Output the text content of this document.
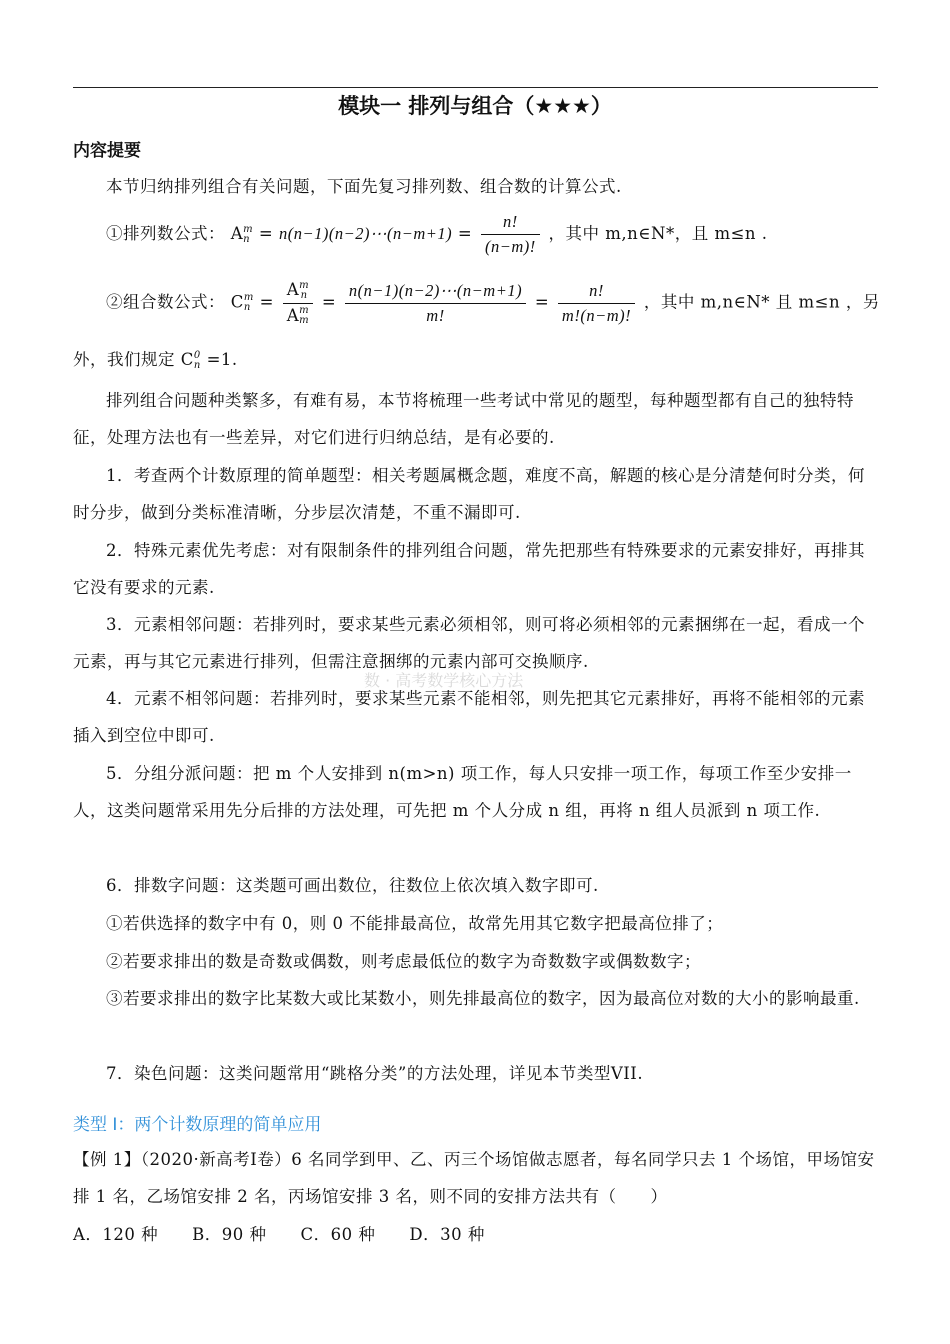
模块一 排列与组合（★★★）
内容提要
本节归纳排列组合有关问题，下面先复习排列数、组合数的计算公式.
①排列数公式： A m
n = n(n−1)(n−2)⋯(n−m+1) = $\frac{n!}{(n-m)!}$ ，其中 m,n∈N*，且 m≤n .
②组合数公式： C m
n = A m
n
A m
$m = \frac{n(n-1)(n-2)\cdots(n-m+1)}{m!} = \frac{n!}{m!(n-m)!}$ ，其中 m,n∈N* 且 m≤n ，另
外，我们规定 C 0
n =1.
排列组合问题种类繁多，有难有易，本节将梳理一些考试中常见的题型，每种题型都有自己的独特特征，处理方法也有一些差异，对它们进行归纳总结，是有必要的.
1．考查两个计数原理的简单题型：相关考题属概念题，难度不高，解题的核心是分清楚何时分类，何时分步，做到分类标准清晰，分步层次清楚，不重不漏即可.
2．特殊元素优先考虑：对有限制条件的排列组合问题，常先把那些有特殊要求的元素安排好，再排其它没有要求的元素.
3．元素相邻问题：若排列时，要求某些元素必须相邻，则可将必须相邻的元素捆绑在一起，看成一个元素，再与其它元素进行排列，但需注意捆绑的元素内部可交换顺序.
数 · 高考数学核心方法
4．元素不相邻问题：若排列时，要求某些元素不能相邻，则先把其它元素排好，再将不能相邻的元素插入到空位中即可.
5．分组分派问题：把 m 个人安排到 n(m>n) 项工作，每人只安排一项工作，每项工作至少安排一人，这类问题常采用先分后排的方法处理，可先把 m 个人分成 n 组，再将 n 组人员派到 n 项工作.
6．排数字问题：这类题可画出数位，往数位上依次填入数字即可.
①若供选择的数字中有 0，则 0 不能排最高位，故常先用其它数字把最高位排了；
②若要求排出的数是奇数或偶数，则考虑最低位的数字为奇数数字或偶数数字；
③若要求排出的数字比某数大或比某数小，则先排最高位的数字，因为最高位对数的大小的影响最重.
7．染色问题：这类问题常用“跳格分类”的方法处理，详见本节类型VII.
类型 I：两个计数原理的简单应用
【例 1】（2020·新高考Ⅰ卷）6 名同学到甲、乙、丙三个场馆做志愿者，每名同学只去 1 个场馆，甲场馆安排 1 名，乙场馆安排 2 名，丙场馆安排 3 名，则不同的安排方法共有（　　）
A．120 种　　B．90 种　　C．60 种　　D．30 种
